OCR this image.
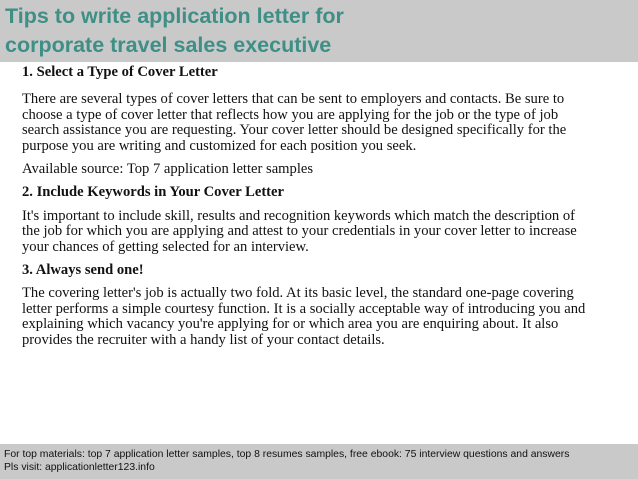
Tips to write application letter for
corporate travel sales executive

1. Select a Type of Cover Letter

There are several types of cover letters that can be sent to employers and contacts. Be sure to
choose a type of cover letter that reflects how you are applying for the job or the type of job
search assistance you are requesting. Your cover letter should be designed specifically for the
purpose you are writing and customized for each position you seek.

Available source: Top 7 application letter samples

2. Include Keywords in Your Cover Letter

It's important to include skill, results and recognition keywords which match the description of
the job for which you are applying and attest to your credentials in your cover letter to increase
your chances of getting selected for an interview.

3. Always send one!

The covering letter's job is actually two fold. At its basic level, the standard one-page covering
letter performs a simple courtesy function. It is a socially acceptable way of introducing you and
explaining which vacancy you're applying for or which area you are enquiring about. It also
provides the recruiter with a handy list of your contact details.

For top materials: top 7 application letter samples, top 8 resumes samples, free ebook: 75 interview questions and answers
Pls visit: applicationletter123.info
